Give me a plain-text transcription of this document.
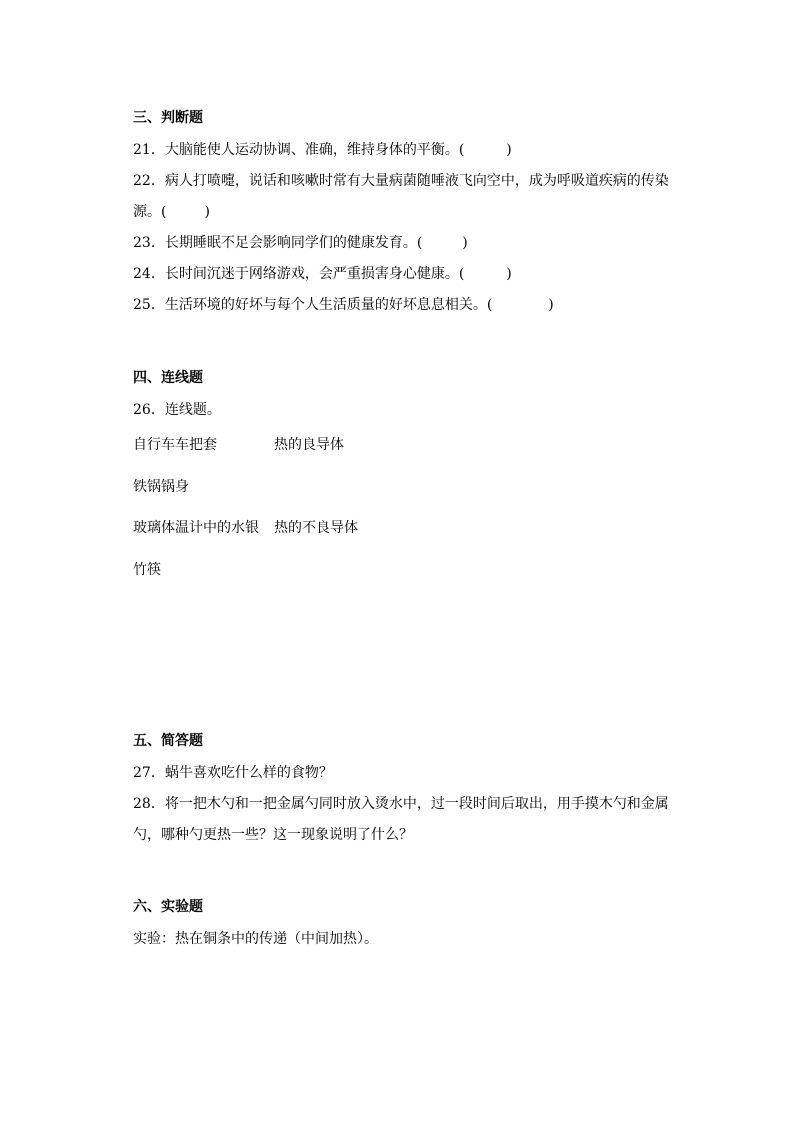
三、判断题
21．大脑能使人运动协调、准确，维持身体的平衡。(	)
22．病人打喷嚏，说话和咳嗽时常有大量病菌随唾液飞向空中，成为呼吸道疾病的传染
源。(	)
23．长期睡眠不足会影响同学们的健康发育。(	)
24．长时间沉迷于网络游戏，会严重损害身心健康。(	)
25．生活环境的好坏与每个人生活质量的好坏息息相关。(	)
四、连线题
26．连线题。
自行车车把套	热的良导体
铁锅锅身
玻璃体温计中的水银 热的不良导体
竹筷
五、简答题
27．蜗牛喜欢吃什么样的食物？
28．将一把木勺和一把金属勺同时放入烫水中，过一段时间后取出，用手摸木勺和金属
勺，哪种勺更热一些？这一现象说明了什么？
六、实验题
实验：热在铜条中的传递（中间加热）。
